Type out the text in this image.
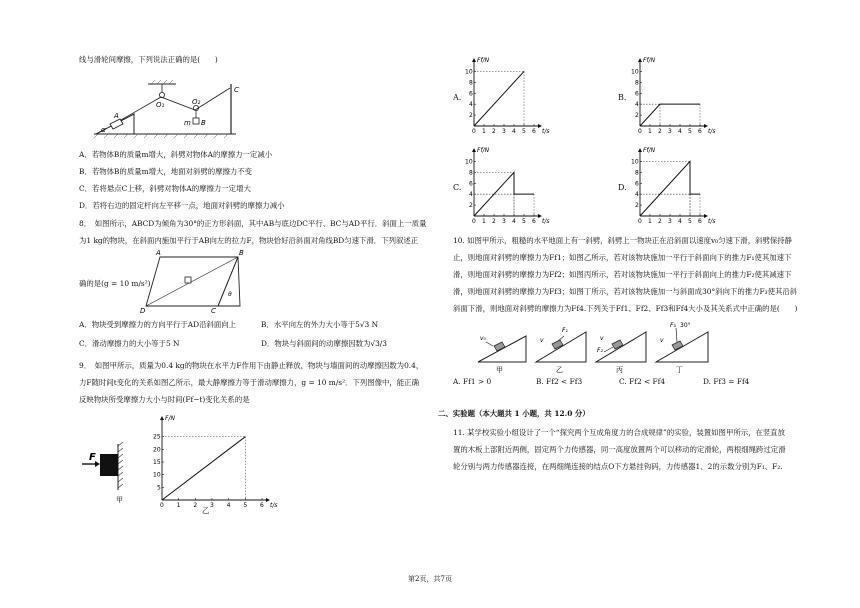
线与滑轮间摩擦，下列说法正确的是(　　)
A
O₁	O₂
B
m
C
α
A．若物体B的质量m增大，斜劈对物体A的摩擦力一定减小
B．若物体B的质量m增大，地面对斜劈的摩擦力不变
C．若将悬点C上移，斜劈对物体A的摩擦力一定增大
D．若将右边的固定杆向左平移一点，地面对斜劈的摩擦力减小
8．　如图所示，ABCD为倾角为30°的正方形斜面，其中AB与底边DC平行、BC与AD平行．斜面上一质量
为1 kg的物块，在斜面内施加平行于AB向左的拉力F，物块恰好沿斜面对角线BD匀速下滑．下列叙述正
A	B
D	C
θ
确的是(g = 10 m/s²)
A．物块受到摩擦力的方向平行于AD沿斜面向上	B．水平向左的外力大小等于5√3 N
C．滑动摩擦力的大小等于5 N	D．物块与斜面间的动摩擦因数为√3/3
9．　如图甲所示，质量为0.4 kg的物块在水平力F作用下由静止释放，物块与墙面间的动摩擦因数为0.4，
力F随时间t变化的关系如图乙所示，最大静摩擦力等于滑动摩擦力，g = 10 m/s²．下列图像中，能正确
反映物块所受摩擦力大小与时间(Ff−t)变化关系的是
F
甲
0 1 2 3 4 5 6
5
10
15
20
25
F/N
t/s
乙
A.
0 1 2 3 4 5 6
2
4
6
8
10
Ff/N
t/s
B.
0 1 2 3 4 5 6
2
4
6
8
10
Ff/N
t/s
C.
0 1 2 3 4 5 6
2
4
6
8
10
Ff/N
t/s
D.
0 1 2 3 4 5 6
2
4
6
8
10
Ff/N
t/s
10. 如图甲所示，粗糙的水平地面上有一斜劈，斜劈上一物块正在沿斜面以速度v₀匀速下滑，斜劈保持静
止，则地面对斜劈的摩擦力为Ff1；如图乙所示，若对该物块施加一平行于斜面向下的推力F₁使其加速下
滑，则地面对斜劈的摩擦力为Ff2；如图丙所示，若对该物块施加一平行于斜面向上的推力F₂使其减速下
滑，则地面对斜劈的摩擦力为Ff3；如图丁所示，若对该物块施加一与斜面成30°斜向下的推力F₃使其沿斜
斜面下滑，则地面对斜劈的摩擦力为Ff4.下列关于Ff1、Ff2、Ff3和Ff4大小及其关系式中正确的是(　　)
v₀
F₁
v
F₂
v
F₃ 30°
v
甲	乙	丙	丁
A. Ff1 > 0	B. Ff2 < Ff3	C. Ff2 < Ff4	D. Ff3 = Ff4
二、实验题（本大题共 1 小题，共 12.0 分）
11. 某学校实验小组设计了一个“探究两个互成角度力的合成规律”的实验，装置如图甲所示，在竖直放
置的木板上部附近两侧，固定两个力传感器，同一高度放置两个可以移动的定滑轮，两根细绳跨过定滑
轮分别与两力传感器连接，在两细绳连接的结点O下方悬挂钩码，力传感器1、2的示数分别为F₁、F₂.
第2页，共7页
